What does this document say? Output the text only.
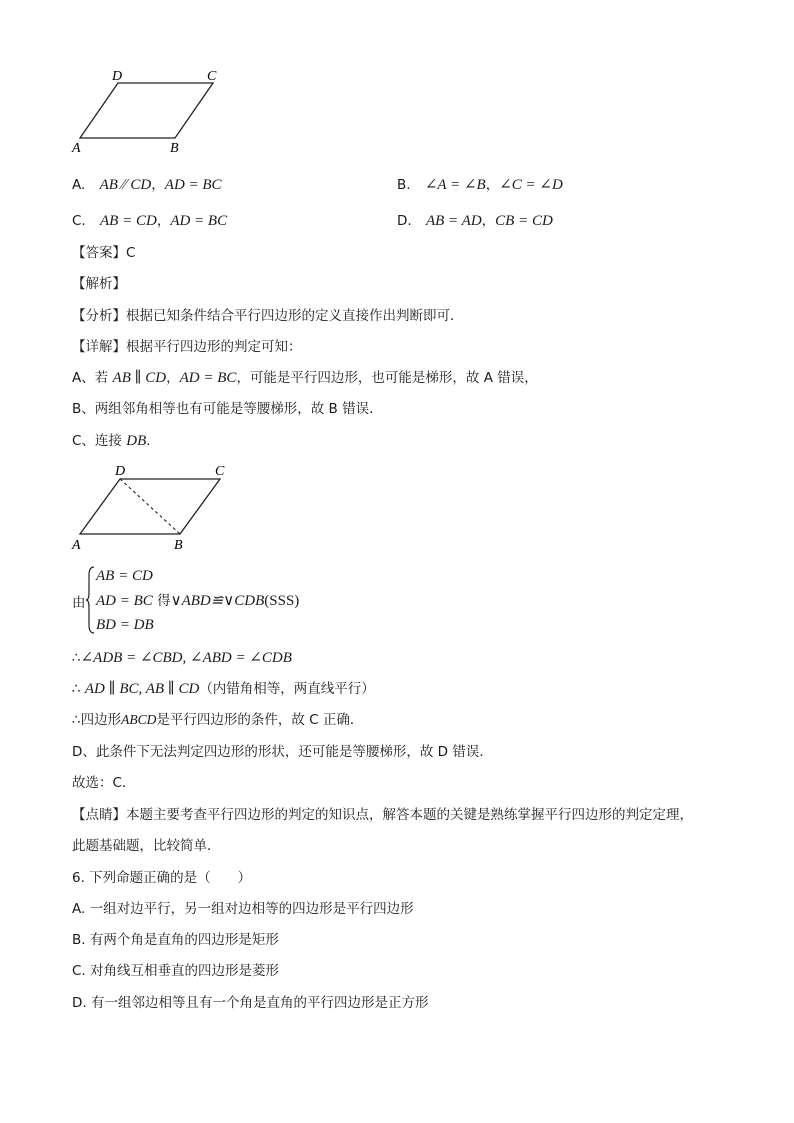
D	C
A	B
A. AB ∕∕ CD，AD = BC	B. ∠A = ∠B，∠C = ∠D
C. AB = CD，AD = BC	D. AB = AD，CB = CD
【答案】C
【解析】
【分析】根据已知条件结合平行四边形的定义直接作出判断即可．
【详解】根据平行四边形的判定可知：
A、若 AB ∥ CD，AD = BC，可能是平行四边形，也可能是梯形，故 A 错误，
B、两组邻角相等也有可能是等腰梯形，故 B 错误．
C、连接 DB．
D	C
A	B
由
AB = CD
AD = BC 得∨ABD≌∨CDB(SSS)
BD = DB
∴∠ADB = ∠CBD, ∠ABD = ∠CDB
∴ AD ∥ BC, AB ∥ CD（内错角相等，两直线平行）
∴四边形ABCD是平行四边形的条件，故 C 正确．
D、此条件下无法判定四边形的形状，还可能是等腰梯形，故 D 错误．
故选：C．
【点睛】本题主要考查平行四边形的判定的知识点，解答本题的关键是熟练掌握平行四边形的判定定理，
此题基础题，比较简单．
6. 下列命题正确的是（　　）
A. 一组对边平行，另一组对边相等的四边形是平行四边形
B. 有两个角是直角的四边形是矩形
C. 对角线互相垂直的四边形是菱形
D. 有一组邻边相等且有一个角是直角的平行四边形是正方形
